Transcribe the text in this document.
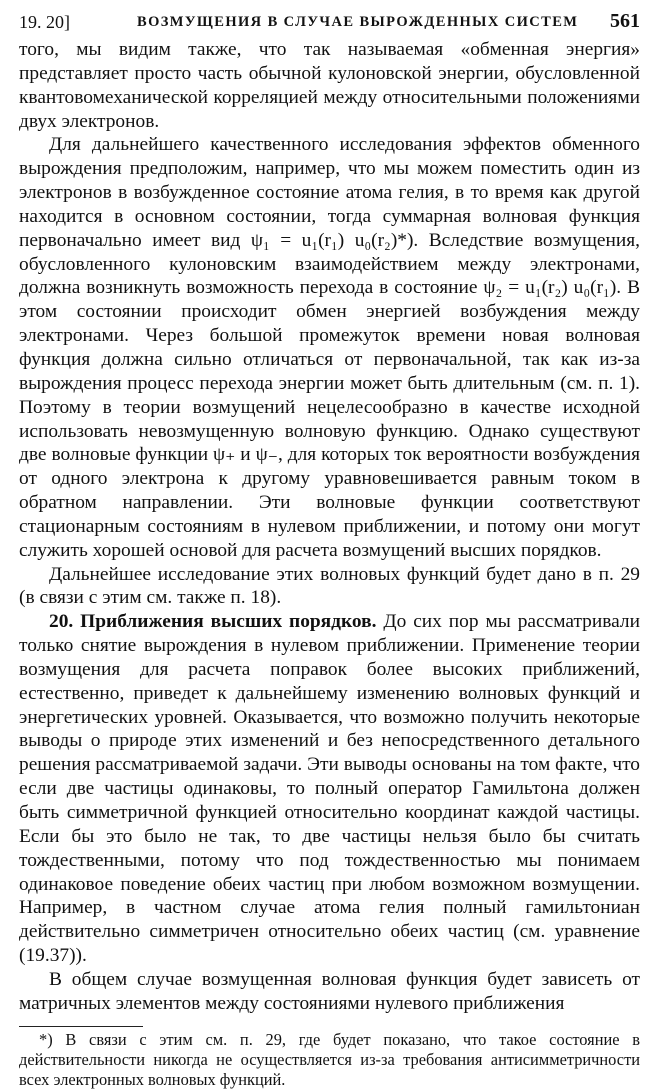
19. 20]	ВОЗМУЩЕНИЯ В СЛУЧАЕ ВЫРОЖДЕННЫХ СИСТЕМ 561

того, мы видим также, что так называемая «обменная энергия» представляет просто часть обычной кулоновской энергии, обусловленной квантовомеханической корреляцией между относительными положениями двух электронов.

Для дальнейшего качественного исследования эффектов обменного вырождения предположим, например, что мы можем поместить один из электронов в возбужденное состояние атома гелия, в то время как другой находится в основном состоянии, тогда суммарная волновая функция первоначально имеет вид ψ₁ = u₁(r₁) u₀(r₂)*). Вследствие возмущения, обусловленного кулоновским взаимодействием между электронами, должна возникнуть возможность перехода в состояние ψ₂ = u₁(r₂) u₀(r₁). В этом состоянии происходит обмен энергией возбуждения между электронами. Через большой промежуток времени новая волновая функция должна сильно отличаться от первоначальной, так как из-за вырождения процесс перехода энергии может быть длительным (см. п. 1). Поэтому в теории возмущений нецелесообразно в качестве исходной использовать невозмущенную волновую функцию. Однако существуют две волновые функции ψ₊ и ψ₋, для которых ток вероятности возбуждения от одного электрона к другому уравновешивается равным током в обратном направлении. Эти волновые функции соответствуют стационарным состояниям в нулевом приближении, и потому они могут служить хорошей основой для расчета возмущений высших порядков.

Дальнейшее исследование этих волновых функций будет дано в п. 29 (в связи с этим см. также п. 18).

20. Приближения высших порядков. До сих пор мы рассматривали только снятие вырождения в нулевом приближении. Применение теории возмущения для расчета поправок более высоких приближений, естественно, приведет к дальнейшему изменению волновых функций и энергетических уровней. Оказывается, что возможно получить некоторые выводы о природе этих изменений и без непосредственного детального решения рассматриваемой задачи. Эти выводы основаны на том факте, что если две частицы одинаковы, то полный оператор Гамильтона должен быть симметричной функцией относительно координат каждой частицы. Если бы это было не так, то две частицы нельзя было бы считать тождественными, потому что под тождественностью мы понимаем одинаковое поведение обеих частиц при любом возможном возмущении. Например, в частном случае атома гелия полный гамильтониан действительно симметричен относительно обеих частиц (см. уравнение (19.37)).

В общем случае возмущенная волновая функция будет зависеть от матричных элементов между состояниями нулевого приближения

*) В связи с этим см. п. 29, где будет показано, что такое состояние в действительности никогда не осуществляется из-за требования антисимметричности всех электронных волновых функций.
